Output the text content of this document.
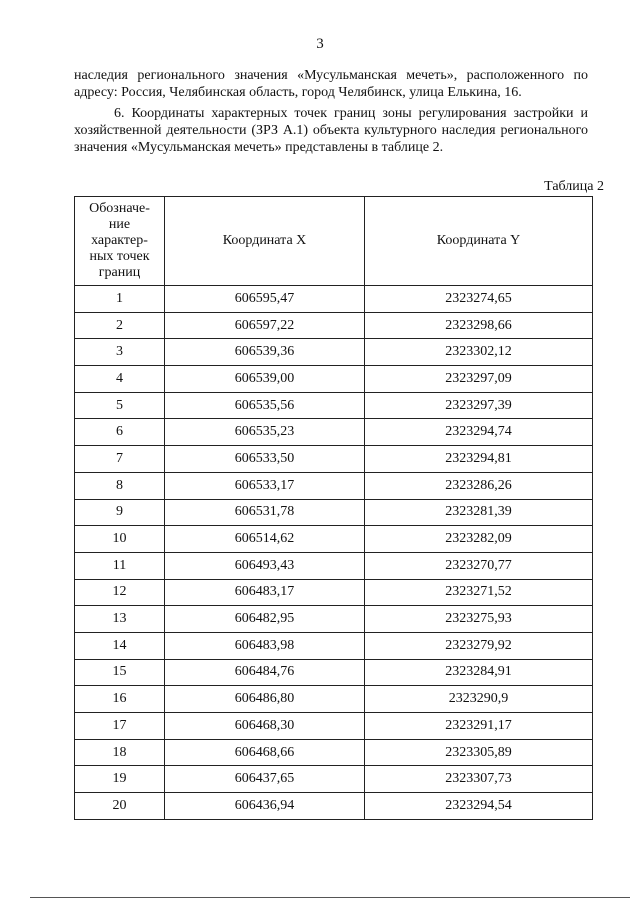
3

наследия регионального значения «Мусульманская мечеть», расположенного по адресу: Россия, Челябинская область, город Челябинск, улица Елькина, 16.

6. Координаты характерных точек границ зоны регулирования застройки и хозяйственной деятельности (ЗРЗ А.1) объекта культурного наследия регионального значения «Мусульманская мечеть» представлены в таблице 2.

Таблица 2
Обозначе-ние характер-ных точек границ	Координата X	Координата Y
1	606595,47	2323274,65
2	606597,22	2323298,66
3	606539,36	2323302,12
4	606539,00	2323297,09
5	606535,56	2323297,39
6	606535,23	2323294,74
7	606533,50	2323294,81
8	606533,17	2323286,26
9	606531,78	2323281,39
10	606514,62	2323282,09
11	606493,43	2323270,77
12	606483,17	2323271,52
13	606482,95	2323275,93
14	606483,98	2323279,92
15	606484,76	2323284,91
16	606486,80	2323290,9
17	606468,30	2323291,17
18	606468,66	2323305,89
19	606437,65	2323307,73
20	606436,94	2323294,54
